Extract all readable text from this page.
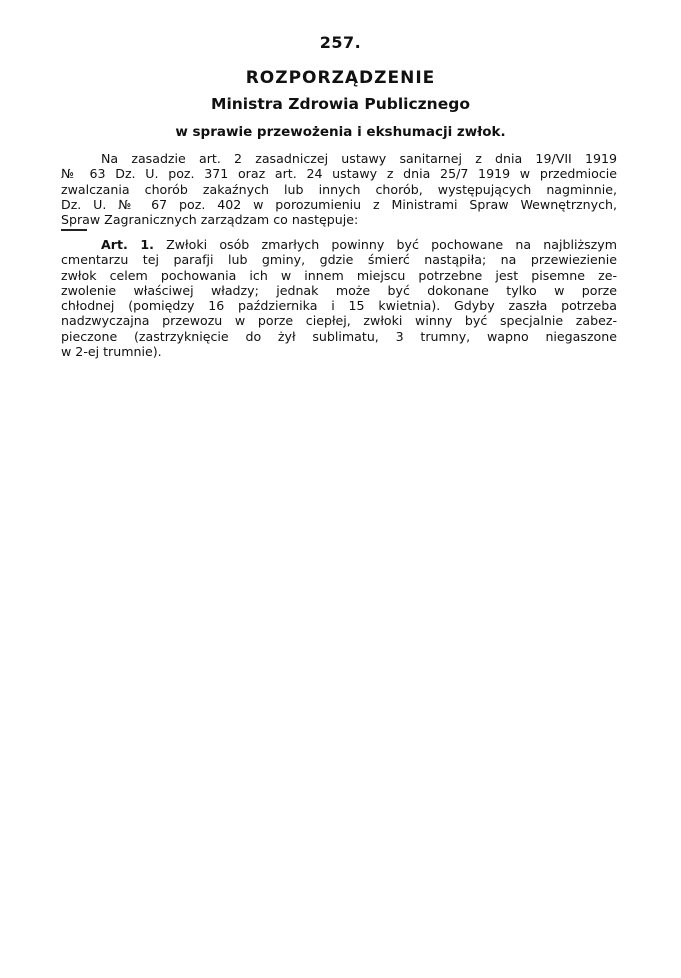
257.
ROZPORZĄDZENIE
Ministra Zdrowia Publicznego
w sprawie przewożenia i ekshumacji zwłok.
Na zasadzie art. 2 zasadniczej ustawy sanitarnej z dnia 19/VII 1919
№ 63 Dz. U. poz. 371 oraz art. 24 ustawy z dnia 25/7 1919 w przedmiocie
zwalczania chorób zakaźnych lub innych chorób, występujących nagminnie,
Dz. U. № 67 poz. 402 w porozumieniu z Ministrami Spraw Wewnętrznych,
Spraw Zagranicznych zarządzam co następuje:
Art. 1. Zwłoki osób zmarłych powinny być pochowane na najbliższym
cmentarzu tej parafji lub gminy, gdzie śmierć nastąpiła; na przewiezienie
zwłok celem pochowania ich w innem miejscu potrzebne jest pisemne ze-
zwolenie właściwej władzy; jednak może być dokonane tylko w porze
chłodnej (pomiędzy 16 października i 15 kwietnia). Gdyby zaszła potrzeba
nadzwyczajna przewozu w porze ciepłej, zwłoki winny być specjalnie zabez-
pieczone (zastrzyknięcie do żył sublimatu, 3 trumny, wapno niegaszone
w 2-ej trumnie).
